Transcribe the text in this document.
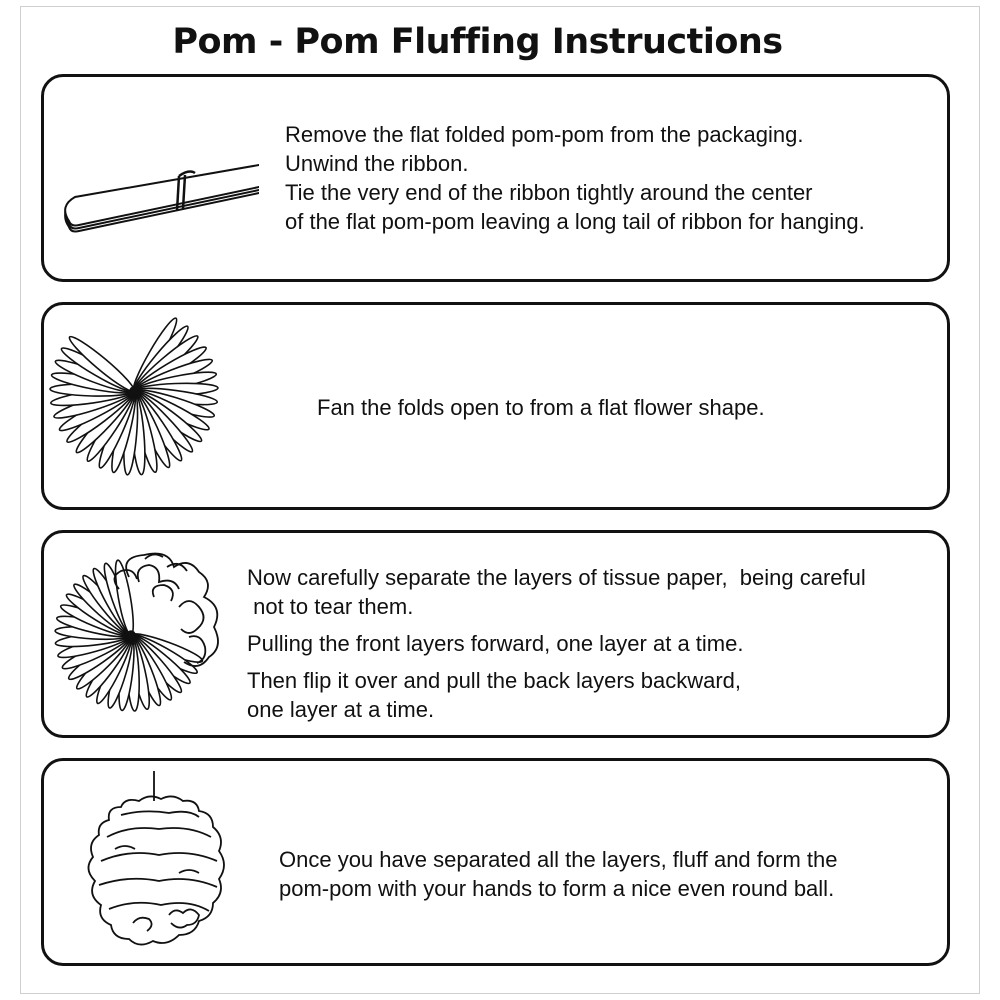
Pom - Pom Fluffing Instructions
Remove the flat folded pom-pom from the packaging.
Unwind the ribbon.
Tie the very end of the ribbon tightly around the center
of the flat pom-pom leaving a long tail of ribbon for hanging.
Fan the folds open to from a flat flower shape.
Now carefully separate the layers of tissue paper,  being careful
not to tear them.
Pulling the front layers forward, one layer at a time.
Then flip it over and pull the back layers backward,
one layer at a time.
Once you have separated all the layers, fluff and form the
pom-pom with your hands to form a nice even round ball.
